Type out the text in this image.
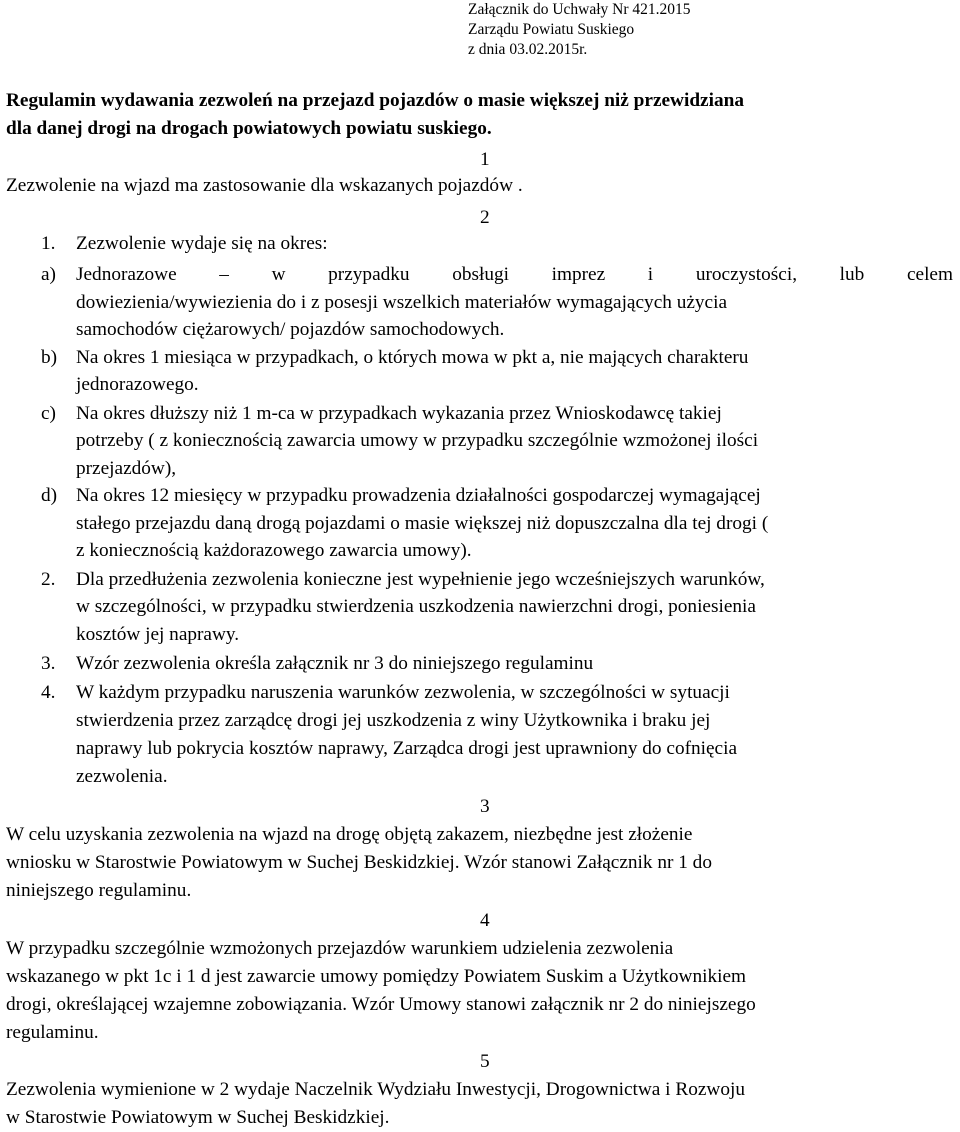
Załącznik do Uchwały Nr 421.2015
Zarządu Powiatu Suskiego
z dnia 03.02.2015r.
Regulamin wydawania zezwoleń na przejazd pojazdów o masie większej niż przewidziana
dla danej drogi na drogach powiatowych powiatu suskiego.
1
Zezwolenie na wjazd ma zastosowanie dla wskazanych pojazdów .
2
1. Zezwolenie wydaje się na okres:
a) Jednorazowe – w przypadku obsługi imprez i uroczystości, lub celem
dowiezienia/wywiezienia do i z posesji wszelkich materiałów wymagających użycia
samochodów ciężarowych/ pojazdów samochodowych.
b) Na okres 1 miesiąca w przypadkach, o których mowa w pkt a, nie mających charakteru
jednorazowego.
c) Na okres dłuższy niż 1 m-ca w przypadkach wykazania przez Wnioskodawcę takiej
potrzeby ( z koniecznością zawarcia umowy w przypadku szczególnie wzmożonej ilości
przejazdów),
d) Na okres 12 miesięcy w przypadku prowadzenia działalności gospodarczej wymagającej
stałego przejazdu daną drogą pojazdami o masie większej niż dopuszczalna dla tej drogi (
z koniecznością każdorazowego zawarcia umowy).
2. Dla przedłużenia zezwolenia konieczne jest wypełnienie jego wcześniejszych warunków,
w szczególności, w przypadku stwierdzenia uszkodzenia nawierzchni drogi, poniesienia
kosztów jej naprawy.
3. Wzór zezwolenia określa załącznik nr 3 do niniejszego regulaminu
4. W każdym przypadku naruszenia warunków zezwolenia, w szczególności w sytuacji
stwierdzenia przez zarządcę drogi jej uszkodzenia z winy Użytkownika i braku jej
naprawy lub pokrycia kosztów naprawy, Zarządca drogi jest uprawniony do cofnięcia
zezwolenia.
3
W celu uzyskania zezwolenia na wjazd na drogę objętą zakazem, niezbędne jest złożenie
wniosku w Starostwie Powiatowym w Suchej Beskidzkiej. Wzór stanowi Załącznik nr 1 do
niniejszego regulaminu.
4
W przypadku szczególnie wzmożonych przejazdów warunkiem udzielenia zezwolenia
wskazanego w pkt 1c i 1 d jest zawarcie umowy pomiędzy Powiatem Suskim a Użytkownikiem
drogi, określającej wzajemne zobowiązania. Wzór Umowy stanowi załącznik nr 2 do niniejszego
regulaminu.
5
Zezwolenia wymienione w 2 wydaje Naczelnik Wydziału Inwestycji, Drogownictwa i Rozwoju
w Starostwie Powiatowym w Suchej Beskidzkiej.
